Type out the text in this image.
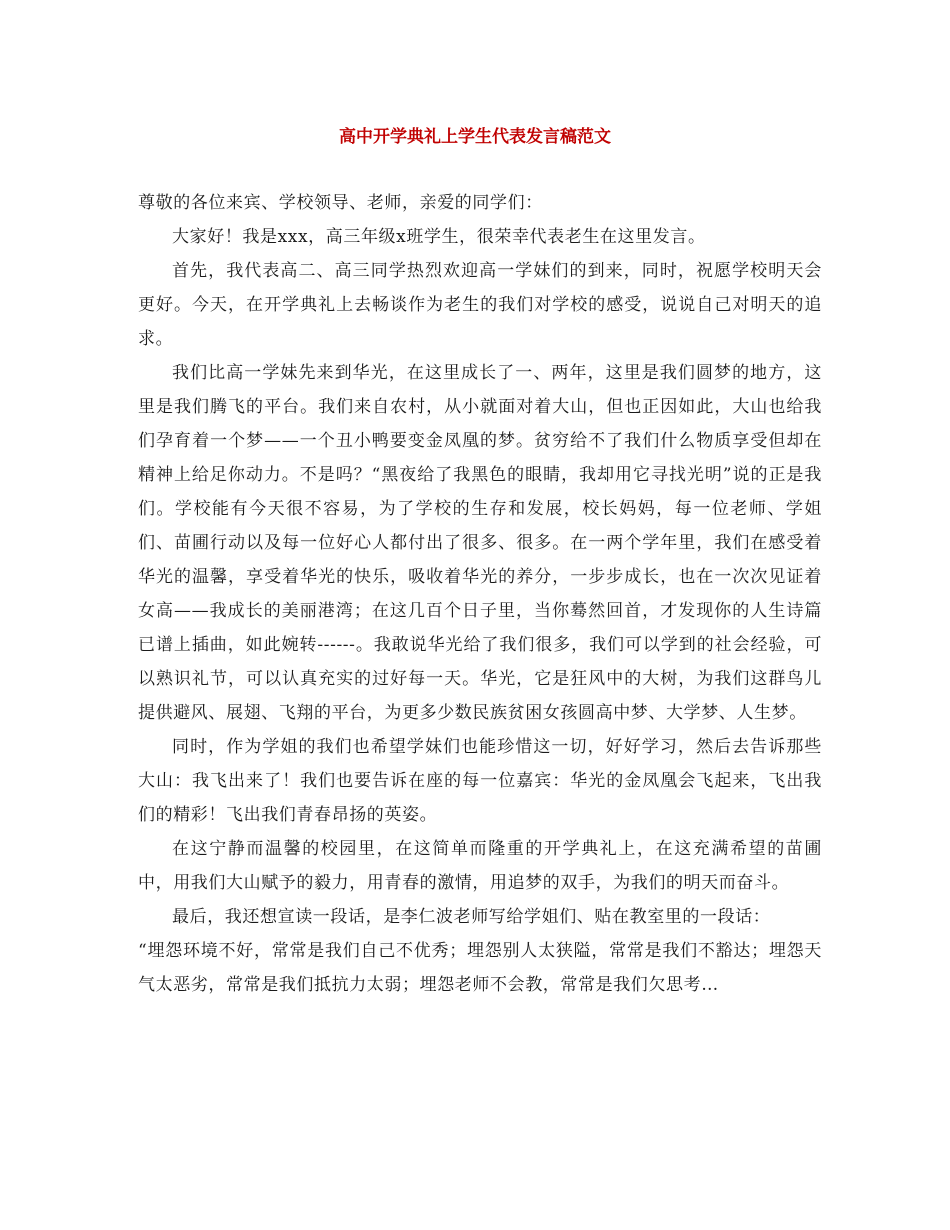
高中开学典礼上学生代表发言稿范文

尊敬的各位来宾、学校领导、老师，亲爱的同学们：

大家好！我是xxx，高三年级x班学生，很荣幸代表老生在这里发言。

首先，我代表高二、高三同学热烈欢迎高一学妹们的到来，同时，祝愿学校明天会更好。今天，在开学典礼上去畅谈作为老生的我们对学校的感受，说说自己对明天的追求。

我们比高一学妹先来到华光，在这里成长了一、两年，这里是我们圆梦的地方，这里是我们腾飞的平台。我们来自农村，从小就面对着大山，但也正因如此，大山也给我们孕育着一个梦——一个丑小鸭要变金凤凰的梦。贫穷给不了我们什么物质享受但却在精神上给足你动力。不是吗？“黑夜给了我黑色的眼睛，我却用它寻找光明”说的正是我们。学校能有今天很不容易，为了学校的生存和发展，校长妈妈，每一位老师、学姐们、苗圃行动以及每一位好心人都付出了很多、很多。在一两个学年里，我们在感受着华光的温馨，享受着华光的快乐，吸收着华光的养分，一步步成长，也在一次次见证着女高——我成长的美丽港湾；在这几百个日子里，当你蓦然回首，才发现你的人生诗篇已谱上插曲，如此婉转------。我敢说华光给了我们很多，我们可以学到的社会经验，可以熟识礼节，可以认真充实的过好每一天。华光，它是狂风中的大树，为我们这群鸟儿提供避风、展翅、飞翔的平台，为更多少数民族贫困女孩圆高中梦、大学梦、人生梦。

同时，作为学姐的我们也希望学妹们也能珍惜这一切，好好学习，然后去告诉那些大山：我飞出来了！我们也要告诉在座的每一位嘉宾：华光的金凤凰会飞起来，飞出我们的精彩！飞出我们青春昂扬的英姿。

在这宁静而温馨的校园里，在这简单而隆重的开学典礼上，在这充满希望的苗圃中，用我们大山赋予的毅力，用青春的激情，用追梦的双手，为我们的明天而奋斗。

最后，我还想宣读一段话，是李仁波老师写给学姐们、贴在教室里的一段话：

“埋怨环境不好，常常是我们自己不优秀；埋怨别人太狭隘，常常是我们不豁达；埋怨天气太恶劣，常常是我们抵抗力太弱；埋怨老师不会教，常常是我们欠思考…
